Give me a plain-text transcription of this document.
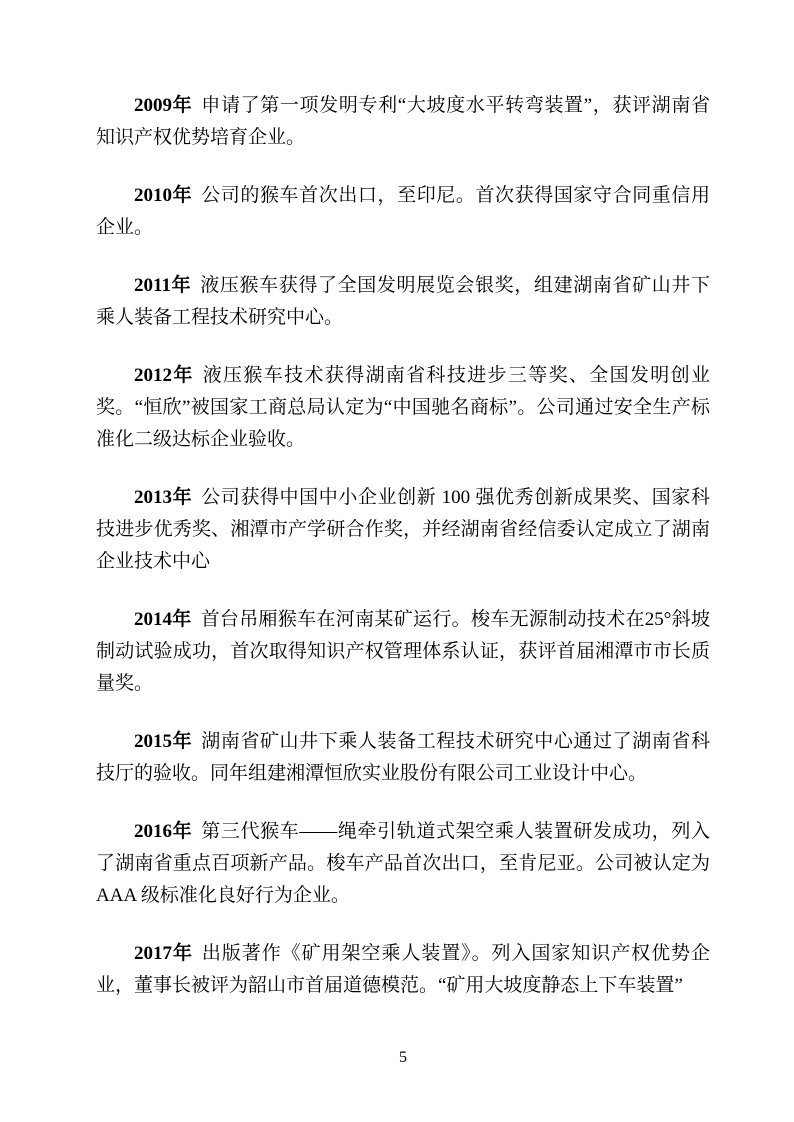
2009年 申请了第一项发明专利“大坡度水平转弯装置”，获评湖南省知识产权优势培育企业。

2010年 公司的猴车首次出口，至印尼。首次获得国家守合同重信用企业。

2011年 液压猴车获得了全国发明展览会银奖，组建湖南省矿山井下乘人装备工程技术研究中心。

2012年 液压猴车技术获得湖南省科技进步三等奖、全国发明创业奖。“恒欣”被国家工商总局认定为“中国驰名商标”。公司通过安全生产标准化二级达标企业验收。

2013年 公司获得中国中小企业创新 100 强优秀创新成果奖、国家科技进步优秀奖、湘潭市产学研合作奖，并经湖南省经信委认定成立了湖南企业技术中心

2014年 首台吊厢猴车在河南某矿运行。梭车无源制动技术在25°斜坡制动试验成功，首次取得知识产权管理体系认证，获评首届湘潭市市长质量奖。

2015年 湖南省矿山井下乘人装备工程技术研究中心通过了湖南省科技厅的验收。同年组建湘潭恒欣实业股份有限公司工业设计中心。

2016年 第三代猴车——绳牵引轨道式架空乘人装置研发成功，列入了湖南省重点百项新产品。梭车产品首次出口，至肯尼亚。公司被认定为 AAA 级标准化良好行为企业。

2017年 出版著作《矿用架空乘人装置》。列入国家知识产权优势企业，董事长被评为韶山市首届道德模范。“矿用大坡度静态上下车装置”

5
